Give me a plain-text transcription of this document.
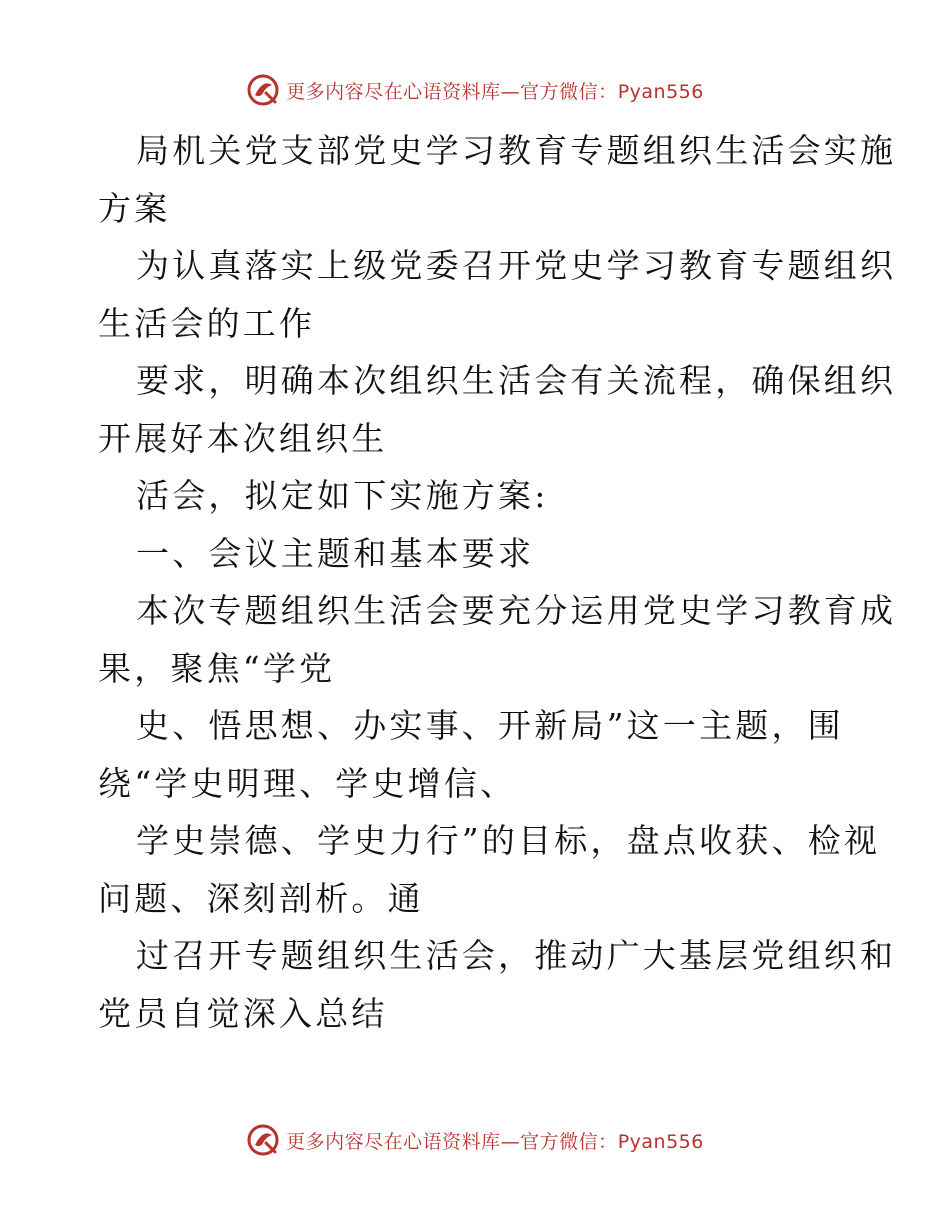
更多内容尽在心语资料库—官方微信：Pyan556
局机关党支部党史学习教育专题组织生活会实施
方案
为认真落实上级党委召开党史学习教育专题组织
生活会的工作
要求，明确本次组织生活会有关流程，确保组织
开展好本次组织生
活会，拟定如下实施方案:
一、会议主题和基本要求
本次专题组织生活会要充分运用党史学习教育成
果，聚焦“学党
史、悟思想、办实事、开新局”这一主题，围
绕“学史明理、学史增信、
学史崇德、学史力行”的目标，盘点收获、检视
问题、深刻剖析。通
过召开专题组织生活会，推动广大基层党组织和
党员自觉深入总结
更多内容尽在心语资料库—官方微信：Pyan556
